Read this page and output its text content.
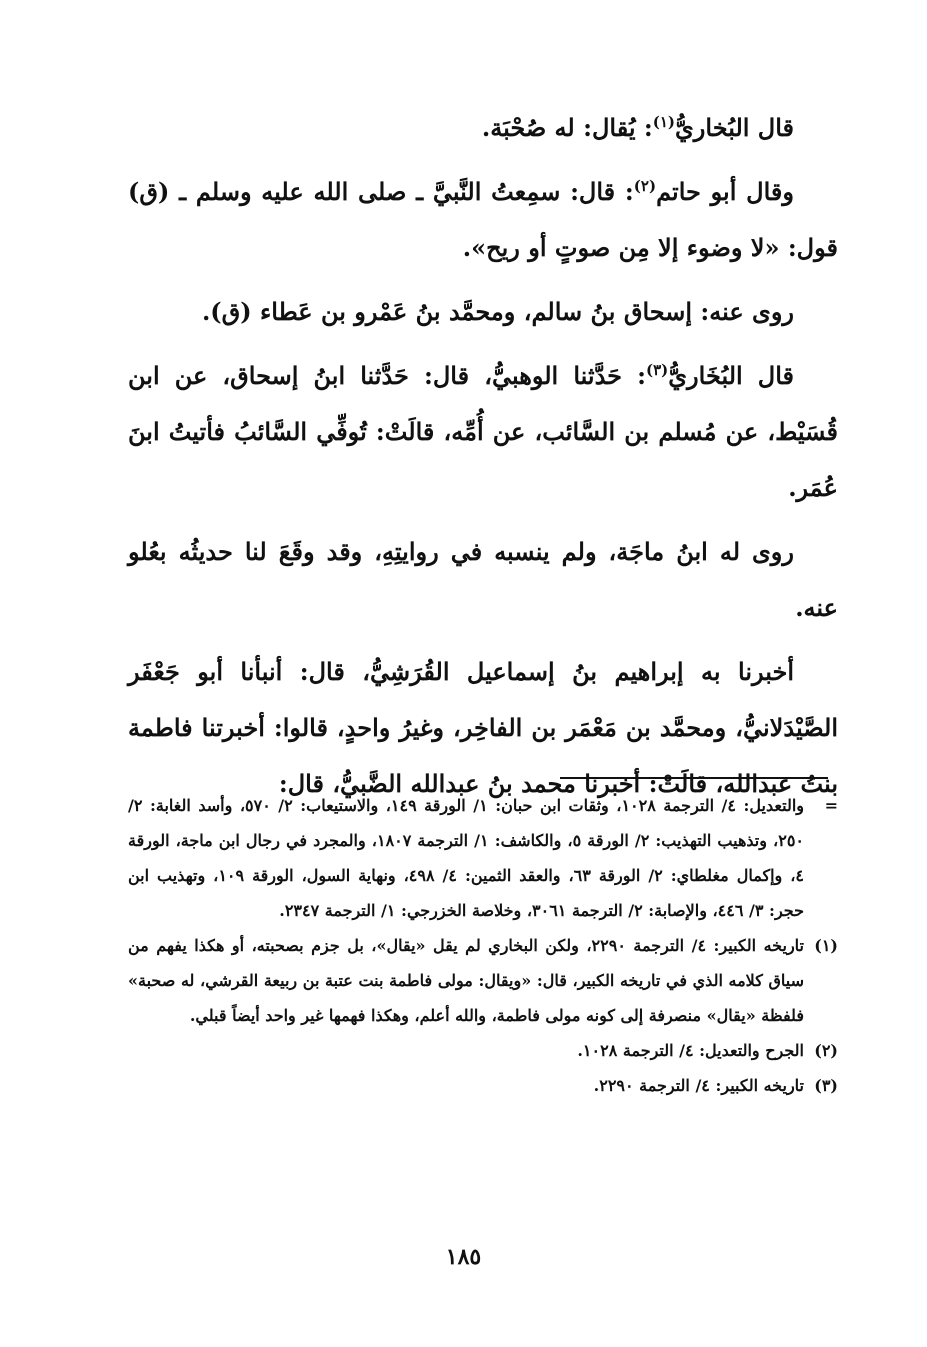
قال البُخاريُّ$^{(١)}$: يُقال: له صُحْبَة.

وقال أبو حاتم$^{(٢)}$: قال: سمِعتُ النَّبيَّ ـ صلى الله عليه وسلم ـ (ق) قول: «لا وضوء إلا مِن صوتٍ أو ريح».

روى عنه: إسحاق بنُ سالم، ومحمَّد بنُ عَمْرو بن عَطاء (ق).

قال البُخَاريُّ$^{(٣)}$: حَدَّثنا الوهبيُّ، قال: حَدَّثنا ابنُ إسحاق، عن ابن قُسَيْط، عن مُسلم بن السَّائب، عن أُمِّه، قالَتْ: تُوفِّي السَّائبُ فأتيتُ ابنَ عُمَر.

روى له ابنُ ماجَة، ولم ينسبه في روايتِهِ، وقد وقَعَ لنا حديثُه بعُلو عنه.

أخبرنا به إبراهيم بنُ إسماعيل القُرَشِيُّ، قال: أنبأنا أبو جَعْفَر الصَّيْدَلانيُّ، ومحمَّد بن مَعْمَر بن الفاخِر، وغيرُ واحدٍ، قالوا: أخبرتنا فاطمة بنتُ عبدالله، قالَتْ: أخبرنا محمد بنُ عبدالله الضَّبيُّ، قال:

=
والتعديل: ٤/ الترجمة ١٠٢٨، وثقات ابن حبان: ١/ الورقة ١٤٩، والاستيعاب: ٢/ ٥٧٠، وأسد الغابة: ٢/ ٢٥٠، وتذهيب التهذيب: ٢/ الورقة ٥، والكاشف: ١/ الترجمة ١٨٠٧، والمجرد في رجال ابن ماجة، الورقة ٤، وإكمال مغلطاي: ٢/ الورقة ٦٣، والعقد الثمين: ٤/ ٤٩٨، ونهاية السول، الورقة ١٠٩، وتهذيب ابن حجر: ٣/ ٤٤٦، والإصابة: ٢/ الترجمة ٣٠٦١، وخلاصة الخزرجي: ١/ الترجمة ٢٣٤٧.

(١)
تاريخه الكبير: ٤/ الترجمة ٢٢٩٠، ولكن البخاري لم يقل «يقال»، بل جزم بصحبته، أو هكذا يفهم من سياق كلامه الذي في تاريخه الكبير، قال: «ويقال: مولى فاطمة بنت عتبة بن ربيعة القرشي، له صحبة» فلفظة «يقال» منصرفة إلى كونه مولى فاطمة، والله أعلم، وهكذا فهمها غير واحد أيضاً قبلي.

(٢)
الجرح والتعديل: ٤/ الترجمة ١٠٢٨.

(٣)
تاريخه الكبير: ٤/ الترجمة ٢٢٩٠.

١٨٥
